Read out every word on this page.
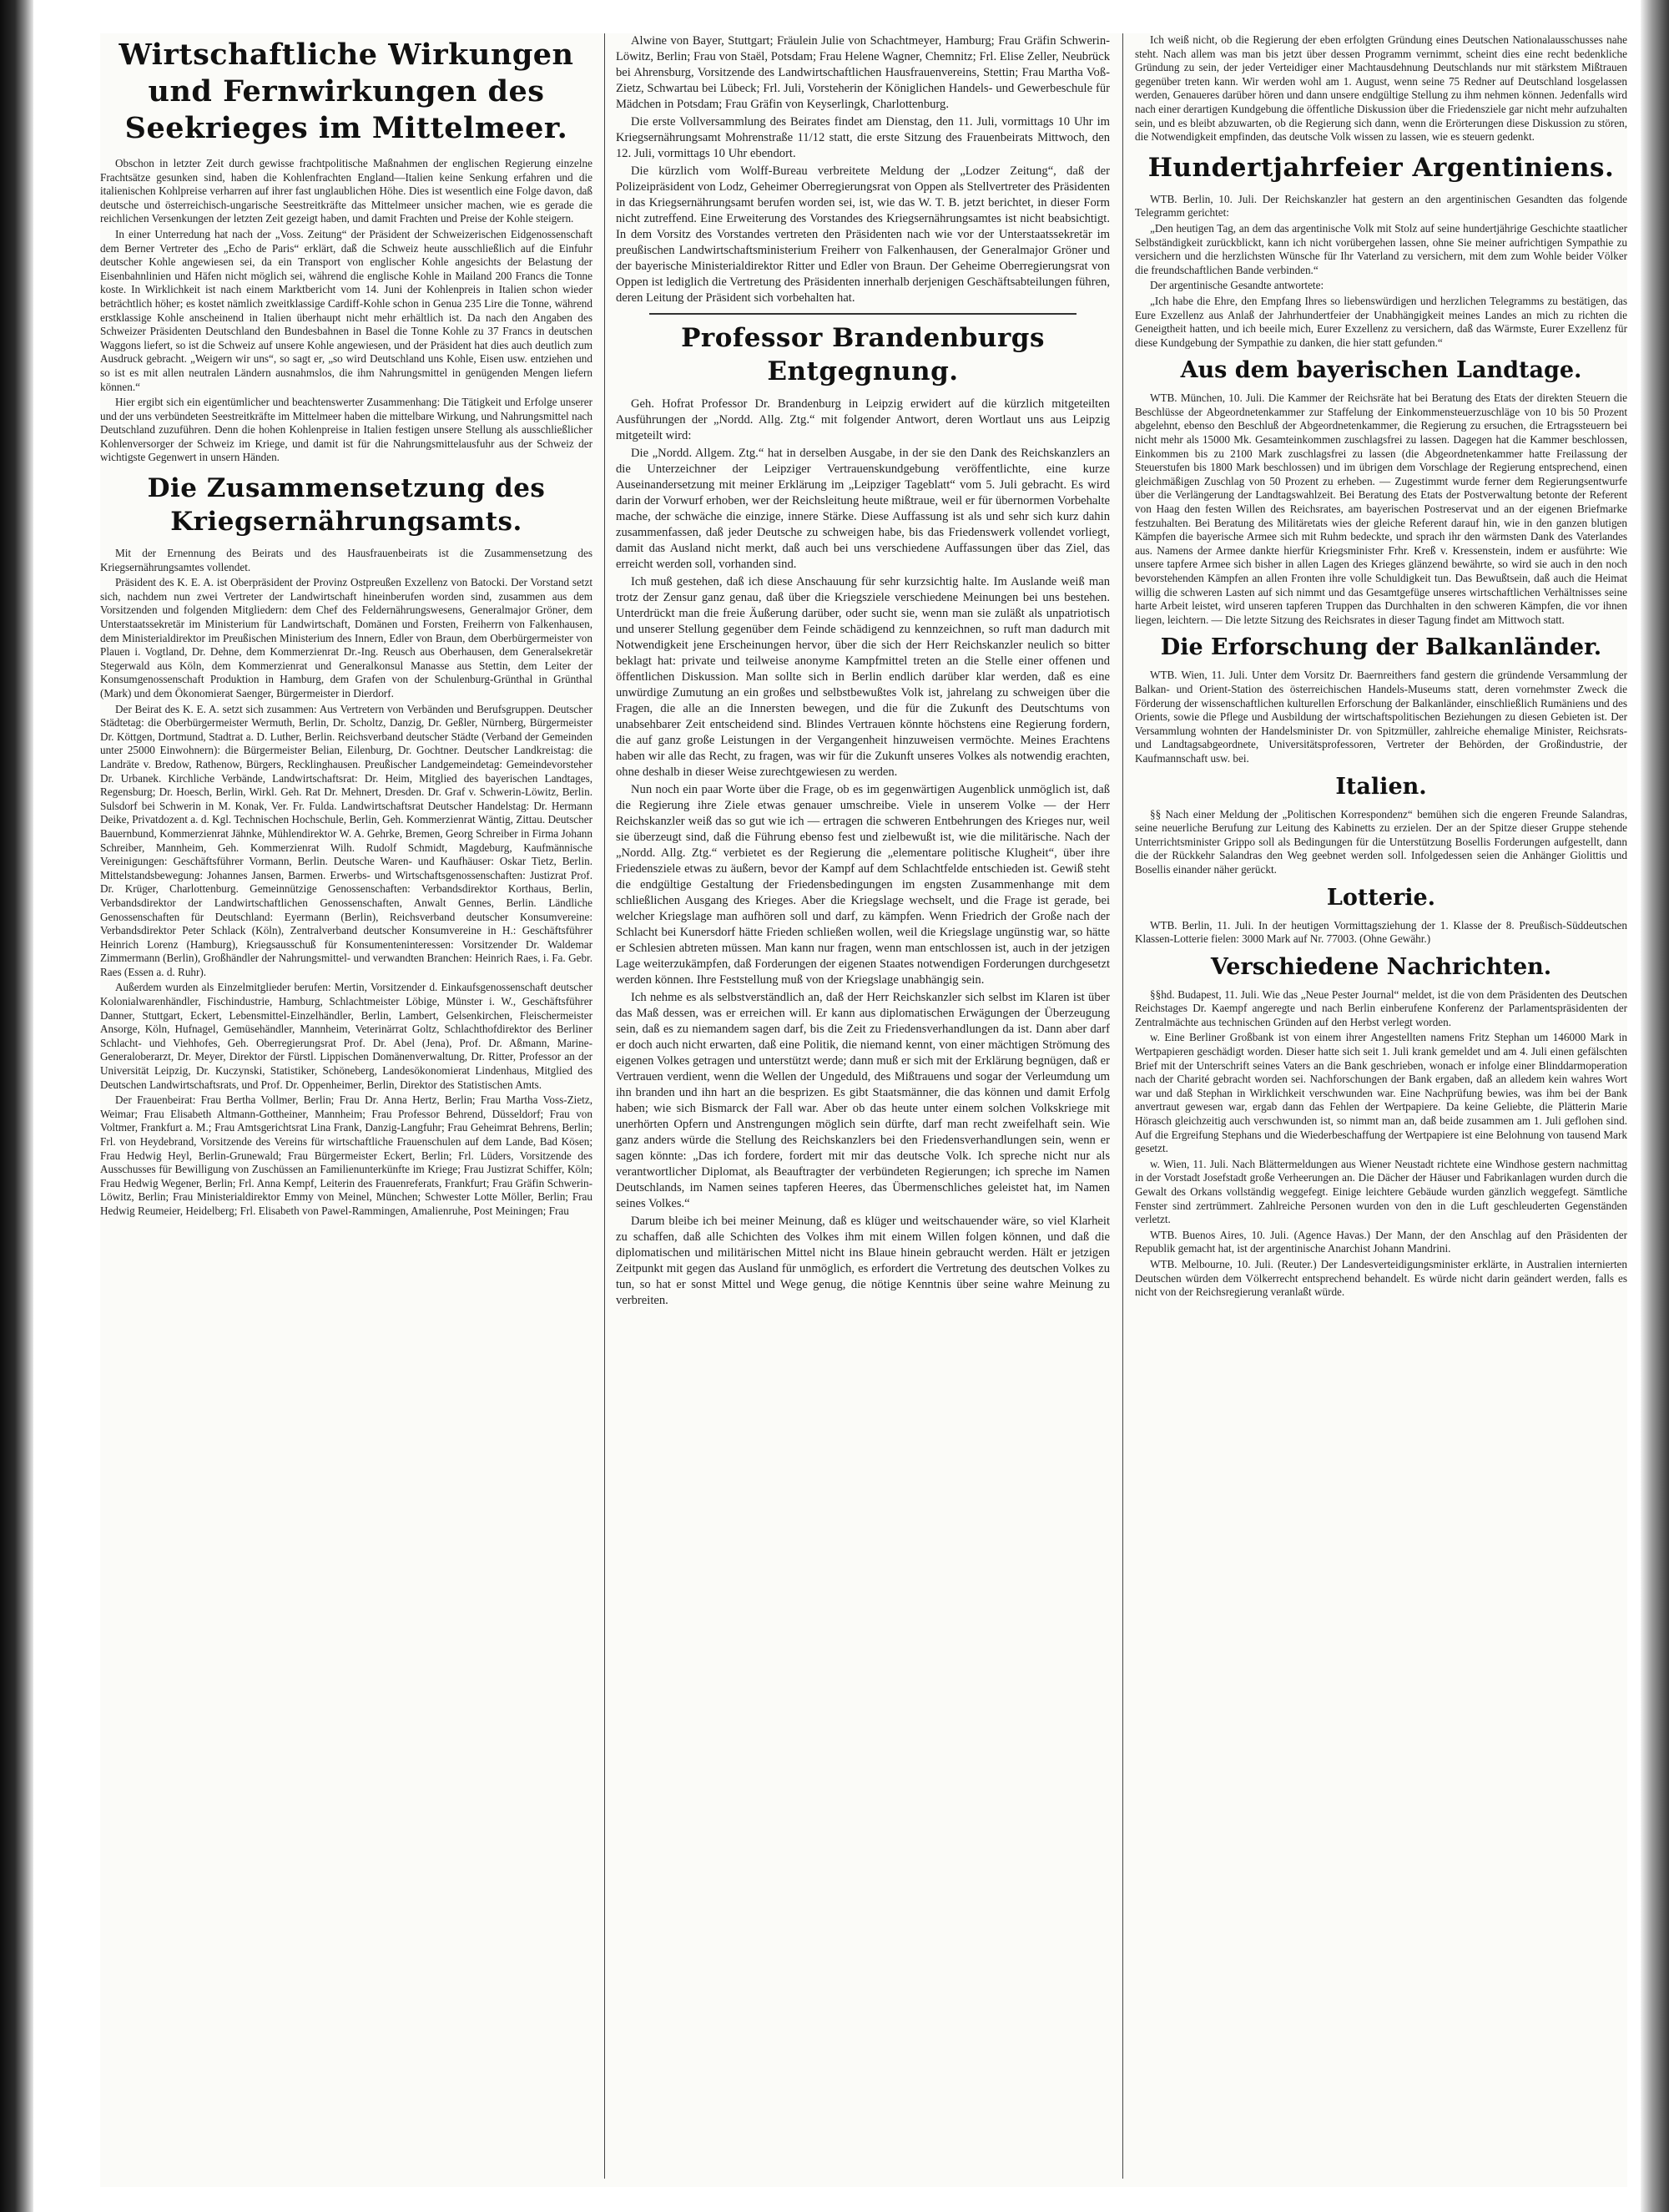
Wirtschaftliche Wirkungen und Fernwirkungen des Seekrieges im Mittelmeer.

Obschon in letzter Zeit durch gewisse frachtpolitische Maßnahmen der englischen Regierung einzelne Frachtsätze gesunken sind, haben die Kohlenfrachten England—Italien keine Senkung erfahren und die italienischen Kohlpreise verharren auf ihrer fast unglaublichen Höhe. Dies ist wesentlich eine Folge davon, daß deutsche und österreichisch-ungarische Seestreitkräfte das Mittelmeer unsicher machen, wie es gerade die reichlichen Versenkungen der letzten Zeit gezeigt haben, und damit Frachten und Preise der Kohle steigern.

In einer Unterredung hat nach der „Voss. Zeitung“ der Präsident der Schweizerischen Eidgenossenschaft dem Berner Vertreter des „Echo de Paris“ erklärt, daß die Schweiz heute ausschließlich auf die Einfuhr deutscher Kohle angewiesen sei, da ein Transport von englischer Kohle angesichts der Belastung der Eisenbahnlinien und Häfen nicht möglich sei, während die englische Kohle in Mailand 200 Francs die Tonne koste. In Wirklichkeit ist nach einem Marktbericht vom 14. Juni der Kohlenpreis in Italien schon wieder beträchtlich höher; es kostet nämlich zweitklassige Cardiff-Kohle schon in Genua 235 Lire die Tonne, während erstklassige Kohle anscheinend in Italien überhaupt nicht mehr erhältlich ist. Da nach den Angaben des Schweizer Präsidenten Deutschland den Bundesbahnen in Basel die Tonne Kohle zu 37 Francs in deutschen Waggons liefert, so ist die Schweiz auf unsere Kohle angewiesen, und der Präsident hat dies auch deutlich zum Ausdruck gebracht. „Weigern wir uns“, so sagt er, „so wird Deutschland uns Kohle, Eisen usw. entziehen und so ist es mit allen neutralen Ländern ausnahmslos, die ihm Nahrungsmittel in genügenden Mengen liefern können.“

Hier ergibt sich ein eigentümlicher und beachtenswerter Zusammenhang: Die Tätigkeit und Erfolge unserer und der uns verbündeten Seestreitkräfte im Mittelmeer haben die mittelbare Wirkung, und Nahrungsmittel nach Deutschland zuzuführen. Denn die hohen Kohlenpreise in Italien festigen unsere Stellung als ausschließlicher Kohlenversorger der Schweiz im Kriege, und damit ist für die Nahrungsmittelausfuhr aus der Schweiz der wichtigste Gegenwert in unsern Händen.

Die Zusammensetzung des Kriegsernährungsamts.

Mit der Ernennung des Beirats und des Hausfrauenbeirats ist die Zusammensetzung des Kriegsernährungsamtes vollendet.

Präsident des K. E. A. ist Oberpräsident der Provinz Ostpreußen Exzellenz von Batocki. Der Vorstand setzt sich, nachdem nun zwei Vertreter der Landwirtschaft hineinberufen worden sind, zusammen aus dem Vorsitzenden und folgenden Mitgliedern: dem Chef des Feldernährungswesens, Generalmajor Gröner, dem Unterstaatssekretär im Ministerium für Landwirtschaft, Domänen und Forsten, Freiherrn von Falkenhausen, dem Ministerialdirektor im Preußischen Ministerium des Innern, Edler von Braun, dem Oberbürgermeister von Plauen i. Vogtland, Dr. Dehne, dem Kommerzienrat Dr.-Ing. Reusch aus Oberhausen, dem Generalsekretär Stegerwald aus Köln, dem Kommerzienrat und Generalkonsul Manasse aus Stettin, dem Leiter der Konsumgenossenschaft Produktion in Hamburg, dem Grafen von der Schulenburg-Grünthal in Grünthal (Mark) und dem Ökonomierat Saenger, Bürgermeister in Dierdorf.

Der Beirat des K. E. A. setzt sich zusammen: Aus Vertretern von Verbänden und Berufsgruppen. Deutscher Städtetag: die Oberbürgermeister Wermuth, Berlin, Dr. Scholtz, Danzig, Dr. Geßler, Nürnberg, Bürgermeister Dr. Köttgen, Dortmund, Stadtrat a. D. Luther, Berlin. Reichsverband deutscher Städte (Verband der Gemeinden unter 25000 Einwohnern): die Bürgermeister Belian, Eilenburg, Dr. Gochtner. Deutscher Landkreistag: die Landräte v. Bredow, Rathenow, Bürgers, Recklinghausen. Preußischer Landgemeindetag: Gemeindevorsteher Dr. Urbanek. Kirchliche Verbände, Landwirtschaftsrat: Dr. Heim, Mitglied des bayerischen Landtages, Regensburg; Dr. Hoesch, Berlin, Wirkl. Geh. Rat Dr. Mehnert, Dresden. Dr. Graf v. Schwerin-Löwitz, Berlin. Sulsdorf bei Schwerin in M. Konak, Ver. Fr. Fulda. Landwirtschaftsrat Deutscher Handelstag: Dr. Hermann Deike, Privatdozent a. d. Kgl. Technischen Hochschule, Berlin, Geh. Kommerzienrat Wäntig, Zittau. Deutscher Bauernbund, Kommerzienrat Jähnke, Mühlendirektor W. A. Gehrke, Bremen, Georg Schreiber in Firma Johann Schreiber, Mannheim, Geh. Kommerzienrat Wilh. Rudolf Schmidt, Magdeburg, Kaufmännische Vereinigungen: Geschäftsführer Vormann, Berlin. Deutsche Waren- und Kaufhäuser: Oskar Tietz, Berlin. Mittelstandsbewegung: Johannes Jansen, Barmen. Erwerbs- und Wirtschaftsgenossenschaften: Justizrat Prof. Dr. Krüger, Charlottenburg. Gemeinnützige Genossenschaften: Verbandsdirektor Korthaus, Berlin, Verbandsdirektor der Landwirtschaftlichen Genossenschaften, Anwalt Gennes, Berlin. Ländliche Genossenschaften für Deutschland: Eyermann (Berlin), Reichsverband deutscher Konsumvereine: Verbandsdirektor Peter Schlack (Köln), Zentralverband deutscher Konsumvereine in H.: Geschäftsführer Heinrich Lorenz (Hamburg), Kriegsausschuß für Konsumenteninteressen: Vorsitzender Dr. Waldemar Zimmermann (Berlin), Großhändler der Nahrungsmittel- und verwandten Branchen: Heinrich Raes, i. Fa. Gebr. Raes (Essen a. d. Ruhr).

Außerdem wurden als Einzelmitglieder berufen: Mertin, Vorsitzender d. Einkaufsgenossenschaft deutscher Kolonialwarenhändler, Fischindustrie, Hamburg, Schlachtmeister Löbige, Münster i. W., Geschäftsführer Danner, Stuttgart, Eckert, Lebensmittel-Einzelhändler, Berlin, Lambert, Gelsenkirchen, Fleischermeister Ansorge, Köln, Hufnagel, Gemüsehändler, Mannheim, Veterinärrat Goltz, Schlachthofdirektor des Berliner Schlacht- und Viehhofes, Geh. Oberregierungsrat Prof. Dr. Abel (Jena), Prof. Dr. Aßmann, Marine-Generaloberarzt, Dr. Meyer, Direktor der Fürstl. Lippischen Domänenverwaltung, Dr. Ritter, Professor an der Universität Leipzig, Dr. Kuczynski, Statistiker, Schöneberg, Landesökonomierat Lindenhaus, Mitglied des Deutschen Landwirtschaftsrats, und Prof. Dr. Oppenheimer, Berlin, Direktor des Statistischen Amts.

Der Frauenbeirat: Frau Bertha Vollmer, Berlin; Frau Dr. Anna Hertz, Berlin; Frau Martha Voss-Zietz, Weimar; Frau Elisabeth Altmann-Gottheiner, Mannheim; Frau Professor Behrend, Düsseldorf; Frau von Voltmer, Frankfurt a. M.; Frau Amtsgerichtsrat Lina Frank, Danzig-Langfuhr; Frau Geheimrat Behrens, Berlin; Frl. von Heydebrand, Vorsitzende des Vereins für wirtschaftliche Frauenschulen auf dem Lande, Bad Kösen; Frau Hedwig Heyl, Berlin-Grunewald; Frau Bürgermeister Eckert, Berlin; Frl. Lüders, Vorsitzende des Ausschusses für Bewilligung von Zuschüssen an Familienunterkünfte im Kriege; Frau Justizrat Schiffer, Köln; Frau Hedwig Wegener, Berlin; Frl. Anna Kempf, Leiterin des Frauenreferats, Frankfurt; Frau Gräfin Schwerin-Löwitz, Berlin; Frau Ministerialdirektor Emmy von Meinel, München; Schwester Lotte Möller, Berlin; Frau Hedwig Reumeier, Heidelberg; Frl. Elisabeth von Pawel-Rammingen, Amalienruhe, Post Meiningen; Frau

Alwine von Bayer, Stuttgart; Fräulein Julie von Schachtmeyer, Hamburg; Frau Gräfin Schwerin-Löwitz, Berlin; Frau von Staël, Potsdam; Frau Helene Wagner, Chemnitz; Frl. Elise Zeller, Neubrück bei Ahrensburg, Vorsitzende des Landwirtschaftlichen Hausfrauenvereins, Stettin; Frau Martha Voß-Zietz, Schwartau bei Lübeck; Frl. Juli, Vorsteherin der Königlichen Handels- und Gewerbeschule für Mädchen in Potsdam; Frau Gräfin von Keyserlingk, Charlottenburg.

Die erste Vollversammlung des Beirates findet am Dienstag, den 11. Juli, vormittags 10 Uhr im Kriegsernährungsamt Mohrenstraße 11/12 statt, die erste Sitzung des Frauenbeirats Mittwoch, den 12. Juli, vormittags 10 Uhr ebendort.

Die kürzlich vom Wolff-Bureau verbreitete Meldung der „Lodzer Zeitung“, daß der Polizeipräsident von Lodz, Geheimer Oberregierungsrat von Oppen als Stellvertreter des Präsidenten in das Kriegsernährungsamt berufen worden sei, ist, wie das W. T. B. jetzt berichtet, in dieser Form nicht zutreffend. Eine Erweiterung des Vorstandes des Kriegsernährungsamtes ist nicht beabsichtigt. In dem Vorsitz des Vorstandes vertreten den Präsidenten nach wie vor der Unterstaatssekretär im preußischen Landwirtschaftsministerium Freiherr von Falkenhausen, der Generalmajor Gröner und der bayerische Ministerialdirektor Ritter und Edler von Braun. Der Geheime Oberregierungsrat von Oppen ist lediglich die Vertretung des Präsidenten innerhalb derjenigen Geschäftsabteilungen führen, deren Leitung der Präsident sich vorbehalten hat.

Professor Brandenburgs Entgegnung.

Geh. Hofrat Professor Dr. Brandenburg in Leipzig erwidert auf die kürzlich mitgeteilten Ausführungen der „Nordd. Allg. Ztg.“ mit folgender Antwort, deren Wortlaut uns aus Leipzig mitgeteilt wird:

Die „Nordd. Allgem. Ztg.“ hat in derselben Ausgabe, in der sie den Dank des Reichskanzlers an die Unterzeichner der Leipziger Vertrauenskundgebung veröffentlichte, eine kurze Auseinandersetzung mit meiner Erklärung im „Leipziger Tageblatt“ vom 5. Juli gebracht. Es wird darin der Vorwurf erhoben, wer der Reichsleitung heute mißtraue, weil er für übernormen Vorbehalte mache, der schwäche die einzige, innere Stärke. Diese Auffassung ist als und sehr sich kurz dahin zusammenfassen, daß jeder Deutsche zu schweigen habe, bis das Friedenswerk vollendet vorliegt, damit das Ausland nicht merkt, daß auch bei uns verschiedene Auffassungen über das Ziel, das erreicht werden soll, vorhanden sind.

Ich muß gestehen, daß ich diese Anschauung für sehr kurzsichtig halte. Im Auslande weiß man trotz der Zensur ganz genau, daß über die Kriegsziele verschiedene Meinungen bei uns bestehen. Unterdrückt man die freie Äußerung darüber, oder sucht sie, wenn man sie zuläßt als unpatriotisch und unserer Stellung gegenüber dem Feinde schädigend zu kennzeichnen, so ruft man dadurch mit Notwendigkeit jene Erscheinungen hervor, über die sich der Herr Reichskanzler neulich so bitter beklagt hat: private und teilweise anonyme Kampfmittel treten an die Stelle einer offenen und öffentlichen Diskussion. Man sollte sich in Berlin endlich darüber klar werden, daß es eine unwürdige Zumutung an ein großes und selbstbewußtes Volk ist, jahrelang zu schweigen über die Fragen, die alle an die Innersten bewegen, und die für die Zukunft des Deutschtums von unabsehbarer Zeit entscheidend sind. Blindes Vertrauen könnte höchstens eine Regierung fordern, die auf ganz große Leistungen in der Vergangenheit hinzuweisen vermöchte. Meines Erachtens haben wir alle das Recht, zu fragen, was wir für die Zukunft unseres Volkes als notwendig erachten, ohne deshalb in dieser Weise zurechtgewiesen zu werden.

Nun noch ein paar Worte über die Frage, ob es im gegenwärtigen Augenblick unmöglich ist, daß die Regierung ihre Ziele etwas genauer umschreibe. Viele in unserem Volke — der Herr Reichskanzler weiß das so gut wie ich — ertragen die schweren Entbehrungen des Krieges nur, weil sie überzeugt sind, daß die Führung ebenso fest und zielbewußt ist, wie die militärische. Nach der „Nordd. Allg. Ztg.“ verbietet es der Regierung die „elementare politische Klugheit“, über ihre Friedensziele etwas zu äußern, bevor der Kampf auf dem Schlachtfelde entschieden ist. Gewiß steht die endgültige Gestaltung der Friedensbedingungen im engsten Zusammenhange mit dem schließlichen Ausgang des Krieges. Aber die Kriegslage wechselt, und die Frage ist gerade, bei welcher Kriegslage man aufhören soll und darf, zu kämpfen. Wenn Friedrich der Große nach der Schlacht bei Kunersdorf hätte Frieden schließen wollen, weil die Kriegslage ungünstig war, so hätte er Schlesien abtreten müssen. Man kann nur fragen, wenn man entschlossen ist, auch in der jetzigen Lage weiterzukämpfen, daß Forderungen der eigenen Staates notwendigen Forderungen durchgesetzt werden können. Ihre Feststellung muß von der Kriegslage unabhängig sein.

Ich nehme es als selbstverständlich an, daß der Herr Reichskanzler sich selbst im Klaren ist über das Maß dessen, was er erreichen will. Er kann aus diplomatischen Erwägungen der Überzeugung sein, daß es zu niemandem sagen darf, bis die Zeit zu Friedensverhandlungen da ist. Dann aber darf er doch auch nicht erwarten, daß eine Politik, die niemand kennt, von einer mächtigen Strömung des eigenen Volkes getragen und unterstützt werde; dann muß er sich mit der Erklärung begnügen, daß er Vertrauen verdient, wenn die Wellen der Ungeduld, des Mißtrauens und sogar der Verleumdung um ihn branden und ihn hart an die besprizen. Es gibt Staatsmänner, die das können und damit Erfolg haben; wie sich Bismarck der Fall war. Aber ob das heute unter einem solchen Volkskriege mit unerhörten Opfern und Anstrengungen möglich sein dürfte, darf man recht zweifelhaft sein. Wie ganz anders würde die Stellung des Reichskanzlers bei den Friedensverhandlungen sein, wenn er sagen könnte: „Das ich fordere, fordert mit mir das deutsche Volk. Ich spreche nicht nur als verantwortlicher Diplomat, als Beauftragter der verbündeten Regierungen; ich spreche im Namen Deutschlands, im Namen seines tapferen Heeres, das Übermenschliches geleistet hat, im Namen seines Volkes.“

Darum bleibe ich bei meiner Meinung, daß es klüger und weitschauender wäre, so viel Klarheit zu schaffen, daß alle Schichten des Volkes ihm mit einem Willen folgen können, und daß die diplomatischen und militärischen Mittel nicht ins Blaue hinein gebraucht werden. Hält er jetzigen Zeitpunkt mit gegen das Ausland für unmöglich, es erfordert die Vertretung des deutschen Volkes zu tun, so hat er sonst Mittel und Wege genug, die nötige Kenntnis über seine wahre Meinung zu verbreiten.

Ich weiß nicht, ob die Regierung der eben erfolgten Gründung eines Deutschen Nationalausschusses nahe steht. Nach allem was man bis jetzt über dessen Programm vernimmt, scheint dies eine recht bedenkliche Gründung zu sein, der jeder Verteidiger einer Machtausdehnung Deutschlands nur mit stärkstem Mißtrauen gegenüber treten kann. Wir werden wohl am 1. August, wenn seine 75 Redner auf Deutschland losgelassen werden, Genaueres darüber hören und dann unsere endgültige Stellung zu ihm nehmen können. Jedenfalls wird nach einer derartigen Kundgebung die öffentliche Diskussion über die Friedensziele gar nicht mehr aufzuhalten sein, und es bleibt abzuwarten, ob die Regierung sich dann, wenn die Erörterungen diese Diskussion zu stören, die Notwendigkeit empfinden, das deutsche Volk wissen zu lassen, wie es steuern gedenkt.

Hundertjahrfeier Argentiniens.

WTB. Berlin, 10. Juli. Der Reichskanzler hat gestern an den argentinischen Gesandten das folgende Telegramm gerichtet:

„Den heutigen Tag, an dem das argentinische Volk mit Stolz auf seine hundertjährige Geschichte staatlicher Selbständigkeit zurückblickt, kann ich nicht vorübergehen lassen, ohne Sie meiner aufrichtigen Sympathie zu versichern und die herzlichsten Wünsche für Ihr Vaterland zu versichern, mit dem zum Wohle beider Völker die freundschaftlichen Bande verbinden.“

Der argentinische Gesandte antwortete:

„Ich habe die Ehre, den Empfang Ihres so liebenswürdigen und herzlichen Telegramms zu bestätigen, das Eure Exzellenz aus Anlaß der Jahrhundertfeier der Unabhängigkeit meines Landes an mich zu richten die Geneigtheit hatten, und ich beeile mich, Eurer Exzellenz zu versichern, daß das Wärmste, Eurer Exzellenz für diese Kundgebung der Sympathie zu danken, die hier statt gefunden.“

Aus dem bayerischen Landtage.

WTB. München, 10. Juli. Die Kammer der Reichsräte hat bei Beratung des Etats der direkten Steuern die Beschlüsse der Abgeordnetenkammer zur Staffelung der Einkommensteuerzuschläge von 10 bis 50 Prozent abgelehnt, ebenso den Beschluß der Abgeordnetenkammer, die Regierung zu ersuchen, die Ertragssteuern bei nicht mehr als 15000 Mk. Gesamteinkommen zuschlagsfrei zu lassen. Dagegen hat die Kammer beschlossen, Einkommen bis zu 2100 Mark zuschlagsfrei zu lassen (die Abgeordnetenkammer hatte Freilassung der Steuerstufen bis 1800 Mark beschlossen) und im übrigen dem Vorschlage der Regierung entsprechend, einen gleichmäßigen Zuschlag von 50 Prozent zu erheben. — Zugestimmt wurde ferner dem Regierungsentwurfe über die Verlängerung der Landtagswahlzeit. Bei Beratung des Etats der Postverwaltung betonte der Referent von Haag den festen Willen des Reichsrates, am bayerischen Postreservat und an der eigenen Briefmarke festzuhalten. Bei Beratung des Militäretats wies der gleiche Referent darauf hin, wie in den ganzen blutigen Kämpfen die bayerische Armee sich mit Ruhm bedeckte, und sprach ihr den wärmsten Dank des Vaterlandes aus. Namens der Armee dankte hierfür Kriegsminister Frhr. Kreß v. Kressenstein, indem er ausführte: Wie unsere tapfere Armee sich bisher in allen Lagen des Krieges glänzend bewährte, so wird sie auch in den noch bevorstehenden Kämpfen an allen Fronten ihre volle Schuldigkeit tun. Das Bewußtsein, daß auch die Heimat willig die schweren Lasten auf sich nimmt und das Gesamtgefüge unseres wirtschaftlichen Verhältnisses seine harte Arbeit leistet, wird unseren tapferen Truppen das Durchhalten in den schweren Kämpfen, die vor ihnen liegen, leichtern. — Die letzte Sitzung des Reichsrates in dieser Tagung findet am Mittwoch statt.

Die Erforschung der Balkanländer.

WTB. Wien, 11. Juli. Unter dem Vorsitz Dr. Baernreithers fand gestern die gründende Versammlung der Balkan- und Orient-Station des österreichischen Handels-Museums statt, deren vornehmster Zweck die Förderung der wissenschaftlichen kulturellen Erforschung der Balkanländer, einschließlich Rumäniens und des Orients, sowie die Pflege und Ausbildung der wirtschaftspolitischen Beziehungen zu diesen Gebieten ist. Der Versammlung wohnten der Handelsminister Dr. von Spitzmüller, zahlreiche ehemalige Minister, Reichsrats- und Landtagsabgeordnete, Universitätsprofessoren, Vertreter der Behörden, der Großindustrie, der Kaufmannschaft usw. bei.

Italien.

§§ Nach einer Meldung der „Politischen Korrespondenz“ bemühen sich die engeren Freunde Salandras, seine neuerliche Berufung zur Leitung des Kabinetts zu erzielen. Der an der Spitze dieser Gruppe stehende Unterrichtsminister Grippo soll als Bedingungen für die Unterstützung Bosellis Forderungen aufgestellt, dann die der Rückkehr Salandras den Weg geebnet werden soll. Infolgedessen seien die Anhänger Giolittis und Bosellis einander näher gerückt.

Lotterie.

WTB. Berlin, 11. Juli. In der heutigen Vormittagsziehung der 1. Klasse der 8. Preußisch-Süddeutschen Klassen-Lotterie fielen: 3000 Mark auf Nr. 77003. (Ohne Gewähr.)

Verschiedene Nachrichten.

§§hd. Budapest, 11. Juli. Wie das „Neue Pester Journal“ meldet, ist die von dem Präsidenten des Deutschen Reichstages Dr. Kaempf angeregte und nach Berlin einberufene Konferenz der Parlamentspräsidenten der Zentralmächte aus technischen Gründen auf den Herbst verlegt worden.

w. Eine Berliner Großbank ist von einem ihrer Angestellten namens Fritz Stephan um 146000 Mark in Wertpapieren geschädigt worden. Dieser hatte sich seit 1. Juli krank gemeldet und am 4. Juli einen gefälschten Brief mit der Unterschrift seines Vaters an die Bank geschrieben, wonach er infolge einer Blinddarmoperation nach der Charité gebracht worden sei. Nachforschungen der Bank ergaben, daß an alledem kein wahres Wort war und daß Stephan in Wirklichkeit verschwunden war. Eine Nachprüfung bewies, was ihm bei der Bank anvertraut gewesen war, ergab dann das Fehlen der Wertpapiere. Da keine Geliebte, die Plätterin Marie Hörasch gleichzeitig auch verschwunden ist, so nimmt man an, daß beide zusammen am 1. Juli geflohen sind. Auf die Ergreifung Stephans und die Wiederbeschaffung der Wertpapiere ist eine Belohnung von tausend Mark gesetzt.

w. Wien, 11. Juli. Nach Blättermeldungen aus Wiener Neustadt richtete eine Windhose gestern nachmittag in der Vorstadt Josefstadt große Verheerungen an. Die Dächer der Häuser und Fabrikanlagen wurden durch die Gewalt des Orkans vollständig weggefegt. Einige leichtere Gebäude wurden gänzlich weggefegt. Sämtliche Fenster sind zertrümmert. Zahlreiche Personen wurden von den in die Luft geschleuderten Gegenständen verletzt.

WTB. Buenos Aires, 10. Juli. (Agence Havas.) Der Mann, der den Anschlag auf den Präsidenten der Republik gemacht hat, ist der argentinische Anarchist Johann Mandrini.

WTB. Melbourne, 10. Juli. (Reuter.) Der Landesverteidigungsminister erklärte, in Australien internierten Deutschen würden dem Völkerrecht entsprechend behandelt. Es würde nicht darin geändert werden, falls es nicht von der Reichsregierung veranlaßt würde.
